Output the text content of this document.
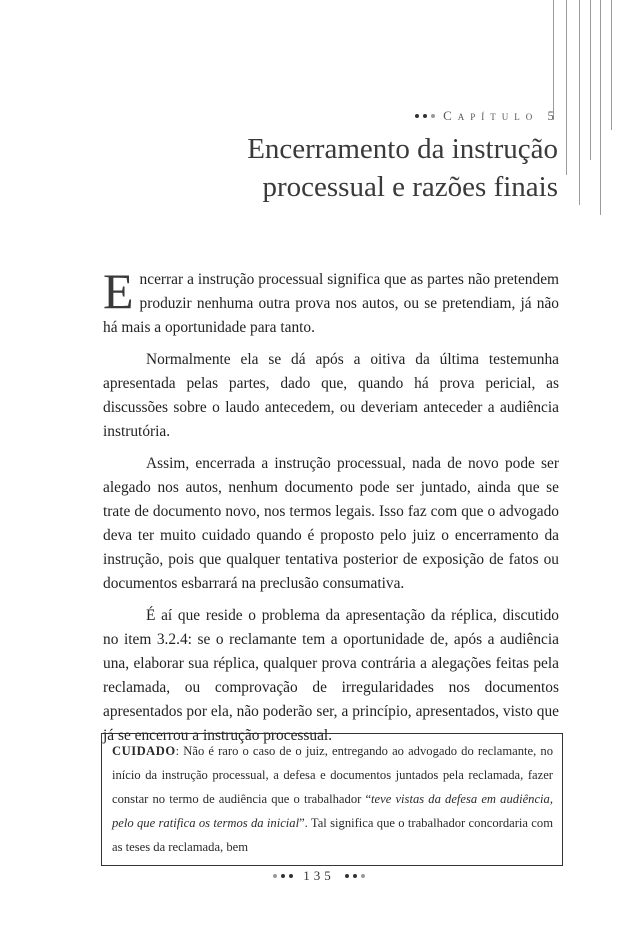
Capítulo 5
Encerramento da instrução
processual e razões finais

Encerrar a instrução processual significa que as partes não pretendem produzir nenhuma outra prova nos autos, ou se pretendiam, já não há mais a oportunidade para tanto.

Normalmente ela se dá após a oitiva da última testemunha apresentada pelas partes, dado que, quando há prova pericial, as discussões sobre o laudo antecedem, ou deveriam anteceder a audiência instrutória.

Assim, encerrada a instrução processual, nada de novo pode ser alegado nos autos, nenhum documento pode ser juntado, ainda que se trate de documento novo, nos termos legais. Isso faz com que o advogado deva ter muito cuidado quando é proposto pelo juiz o encerramento da instrução, pois que qualquer tentativa posterior de exposição de fatos ou documentos esbarrará na preclusão consumativa.

É aí que reside o problema da apresentação da réplica, discutido no item 3.2.4: se o reclamante tem a oportunidade de, após a audiência una, elaborar sua réplica, qualquer prova contrária a alegações feitas pela reclamada, ou comprovação de irregularidades nos documentos apresentados por ela, não poderão ser, a princípio, apresentados, visto que já se encerrou a instrução processual.

CUIDADO: Não é raro o caso de o juiz, entregando ao advogado do reclamante, no início da instrução processual, a defesa e documentos juntados pela reclamada, fazer constar no termo de audiência que o trabalhador “teve vistas da defesa em audiência, pelo que ratifica os termos da inicial”. Tal significa que o trabalhador concordaria com as teses da reclamada, bem
135
